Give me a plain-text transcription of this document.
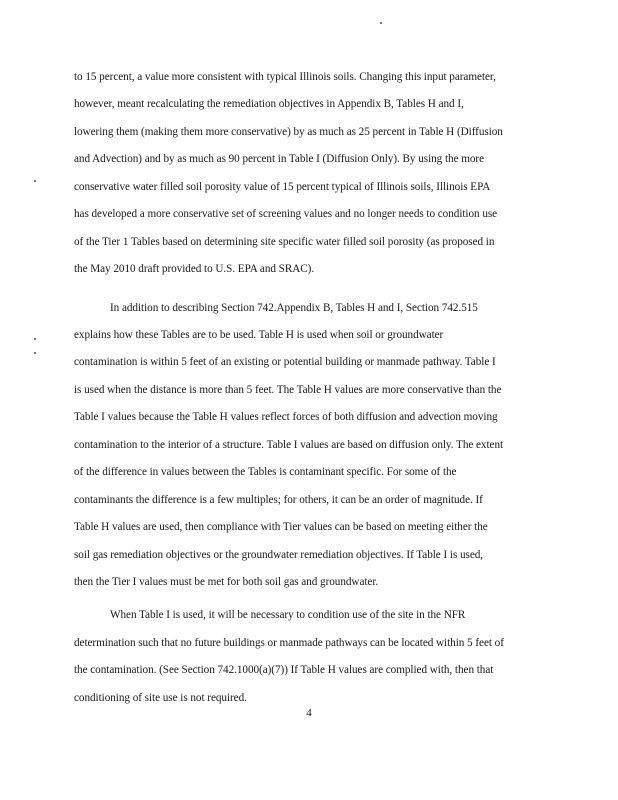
to 15 percent, a value more consistent with typical Illinois soils. Changing this input parameter,
however, meant recalculating the remediation objectives in Appendix B, Tables H and I,
lowering them (making them more conservative) by as much as 25 percent in Table H (Diffusion
and Advection) and by as much as 90 percent in Table I (Diffusion Only). By using the more
conservative water filled soil porosity value of 15 percent typical of Illinois soils, Illinois EPA
has developed a more conservative set of screening values and no longer needs to condition use
of the Tier 1 Tables based on determining site specific water filled soil porosity (as proposed in
the May 2010 draft provided to U.S. EPA and SRAC).
In addition to describing Section 742.Appendix B, Tables H and I, Section 742.515
explains how these Tables are to be used. Table H is used when soil or groundwater
contamination is within 5 feet of an existing or potential building or manmade pathway. Table I
is used when the distance is more than 5 feet. The Table H values are more conservative than the
Table I values because the Table H values reflect forces of both diffusion and advection moving
contamination to the interior of a structure. Table I values are based on diffusion only. The extent
of the difference in values between the Tables is contaminant specific. For some of the
contaminants the difference is a few multiples; for others, it can be an order of magnitude. If
Table H values are used, then compliance with Tier values can be based on meeting either the
soil gas remediation objectives or the groundwater remediation objectives. If Table I is used,
then the Tier I values must be met for both soil gas and groundwater.
When Table I is used, it will be necessary to condition use of the site in the NFR
determination such that no future buildings or manmade pathways can be located within 5 feet of
the contamination. (See Section 742.1000(a)(7)) If Table H values are complied with, then that
conditioning of site use is not required.
4
